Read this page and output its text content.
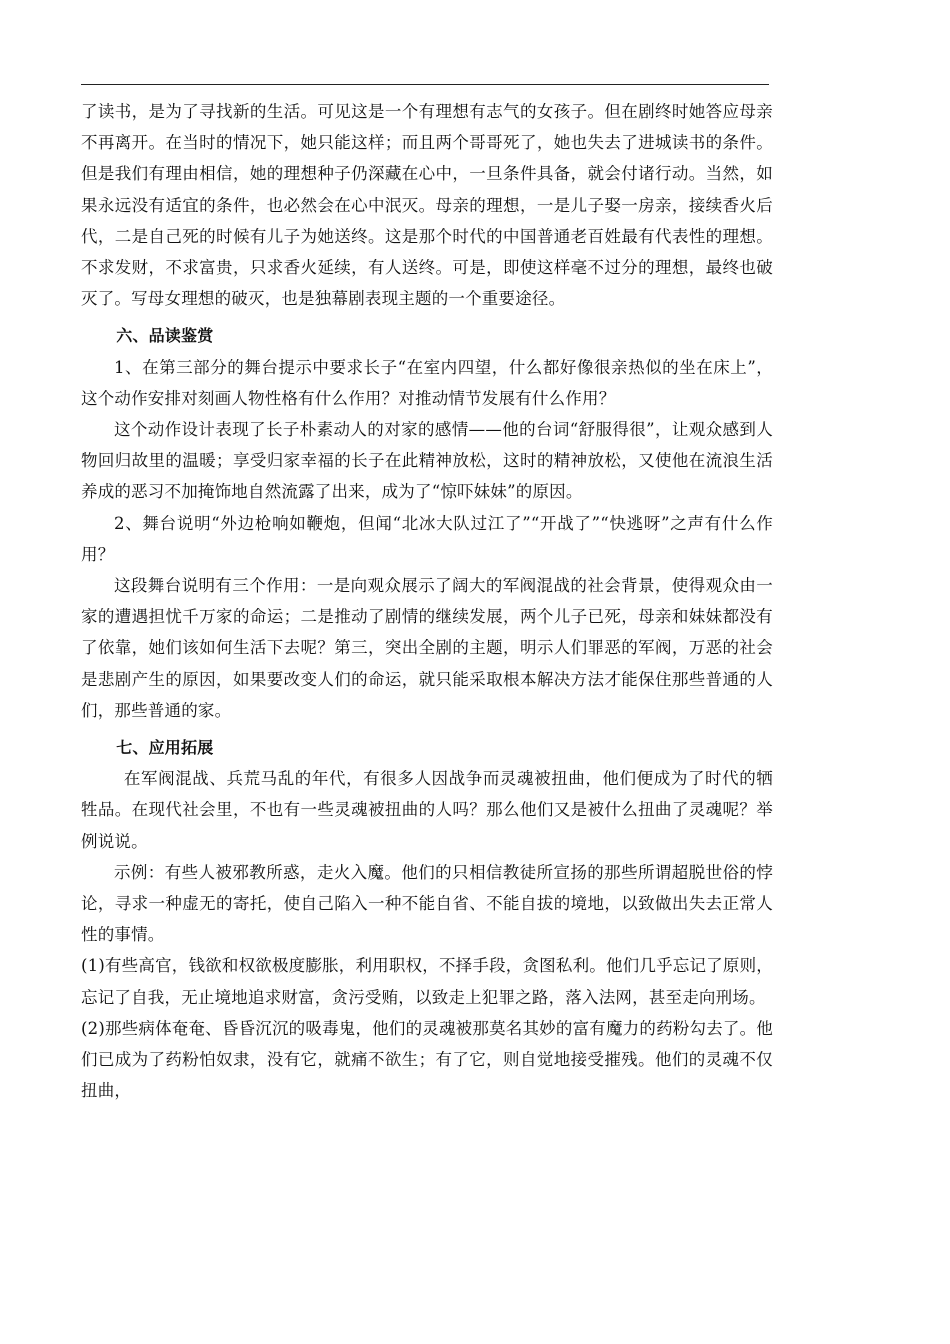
了读书，是为了寻找新的生活。可见这是一个有理想有志气的女孩子。但在剧终时她答应母亲不再离开。在当时的情况下，她只能这样；而且两个哥哥死了，她也失去了进城读书的条件。但是我们有理由相信，她的理想种子仍深藏在心中，一旦条件具备，就会付诸行动。当然，如果永远没有适宜的条件，也必然会在心中泯灭。母亲的理想，一是儿子娶一房亲，接续香火后代，二是自己死的时候有儿子为她送终。这是那个时代的中国普通老百姓最有代表性的理想。不求发财，不求富贵，只求香火延续，有人送终。可是，即使这样毫不过分的理想，最终也破灭了。写母女理想的破灭，也是独幕剧表现主题的一个重要途径。

六、品读鉴赏

1、在第三部分的舞台提示中要求长子“在室内四望，什么都好像很亲热似的坐在床上”，这个动作安排对刻画人物性格有什么作用？对推动情节发展有什么作用？

这个动作设计表现了长子朴素动人的对家的感情——他的台词“舒服得很”，让观众感到人物回归故里的温暖；享受归家幸福的长子在此精神放松，这时的精神放松，又使他在流浪生活养成的恶习不加掩饰地自然流露了出来，成为了“惊吓妹妹”的原因。

2、舞台说明“外边枪响如鞭炮，但闻“北冰大队过江了”“开战了”“快逃呀”之声有什么作用？

这段舞台说明有三个作用：一是向观众展示了阔大的军阀混战的社会背景，使得观众由一家的遭遇担忧千万家的命运；二是推动了剧情的继续发展，两个儿子已死，母亲和妹妹都没有了依靠，她们该如何生活下去呢？第三，突出全剧的主题，明示人们罪恶的军阀，万恶的社会是悲剧产生的原因，如果要改变人们的命运，就只能采取根本解决方法才能保住那些普通的人们，那些普通的家。

七、应用拓展

在军阀混战、兵荒马乱的年代，有很多人因战争而灵魂被扭曲，他们便成为了时代的牺牲品。在现代社会里，不也有一些灵魂被扭曲的人吗？那么他们又是被什么扭曲了灵魂呢？举例说说。

示例：有些人被邪教所惑，走火入魔。他们的只相信教徒所宣扬的那些所谓超脱世俗的悖论，寻求一种虚无的寄托，使自己陷入一种不能自省、不能自拔的境地，以致做出失去正常人性的事情。

(1)有些高官，钱欲和权欲极度膨胀，利用职权，不择手段，贪图私利。他们几乎忘记了原则，忘记了自我，无止境地追求财富，贪污受贿，以致走上犯罪之路，落入法网，甚至走向刑场。

(2)那些病体奄奄、昏昏沉沉的吸毒鬼，他们的灵魂被那莫名其妙的富有魔力的药粉勾去了。他们已成为了药粉怕奴隶，没有它，就痛不欲生；有了它，则自觉地接受摧残。他们的灵魂不仅扭曲，
